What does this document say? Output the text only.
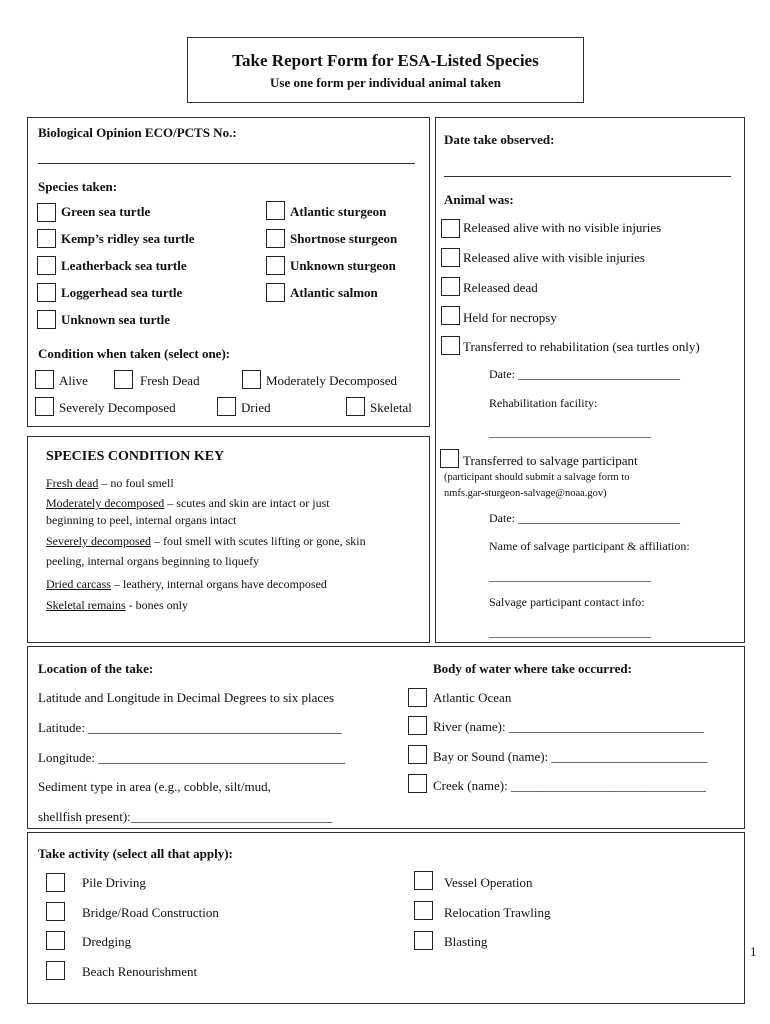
Take Report Form for ESA-Listed Species
Use one form per individual animal taken
Biological Opinion ECO/PCTS No.:
Species taken:
Green sea turtle
Kemp’s ridley sea turtle
Leatherback sea turtle
Loggerhead sea turtle
Unknown sea turtle
Atlantic sturgeon
Shortnose sturgeon
Unknown sturgeon
Atlantic salmon
Condition when taken (select one):
Alive	Fresh Dead	Moderately Decomposed
Severely Decomposed	Dried	Skeletal
SPECIES CONDITION KEY
Fresh dead – no foul smell
Moderately decomposed – scutes and skin are intact or just
beginning to peel, internal organs intact
Severely decomposed – foul smell with scutes lifting or gone, skin
peeling, internal organs beginning to liquefy
Dried carcass – leathery, internal organs have decomposed
Skeletal remains - bones only
Date take observed:
Animal was:
Released alive with no visible injuries
Released alive with visible injuries
Released dead
Held for necropsy
Transferred to rehabilitation (sea turtles only)
Date: ___________________________
Rehabilitation facility:
___________________________
Transferred to salvage participant
(participant should submit a salvage form to
nmfs.gar-sturgeon-salvage@noaa.gov)
Date: ___________________________
Name of salvage participant & affiliation:
___________________________
Salvage participant contact info:
___________________________
Location of the take:
Latitude and Longitude in Decimal Degrees to six places
Latitude: _______________________________________
Longitude: ______________________________________
Sediment type in area (e.g., cobble, silt/mud,
shellfish present):_______________________________
Body of water where take occurred:
Atlantic Ocean
River (name): ______________________________
Bay or Sound (name): ________________________
Creek (name): ______________________________
Take activity (select all that apply):
Pile Driving
Bridge/Road Construction
Dredging
Beach Renourishment
Vessel Operation
Relocation Trawling
Blasting
1
